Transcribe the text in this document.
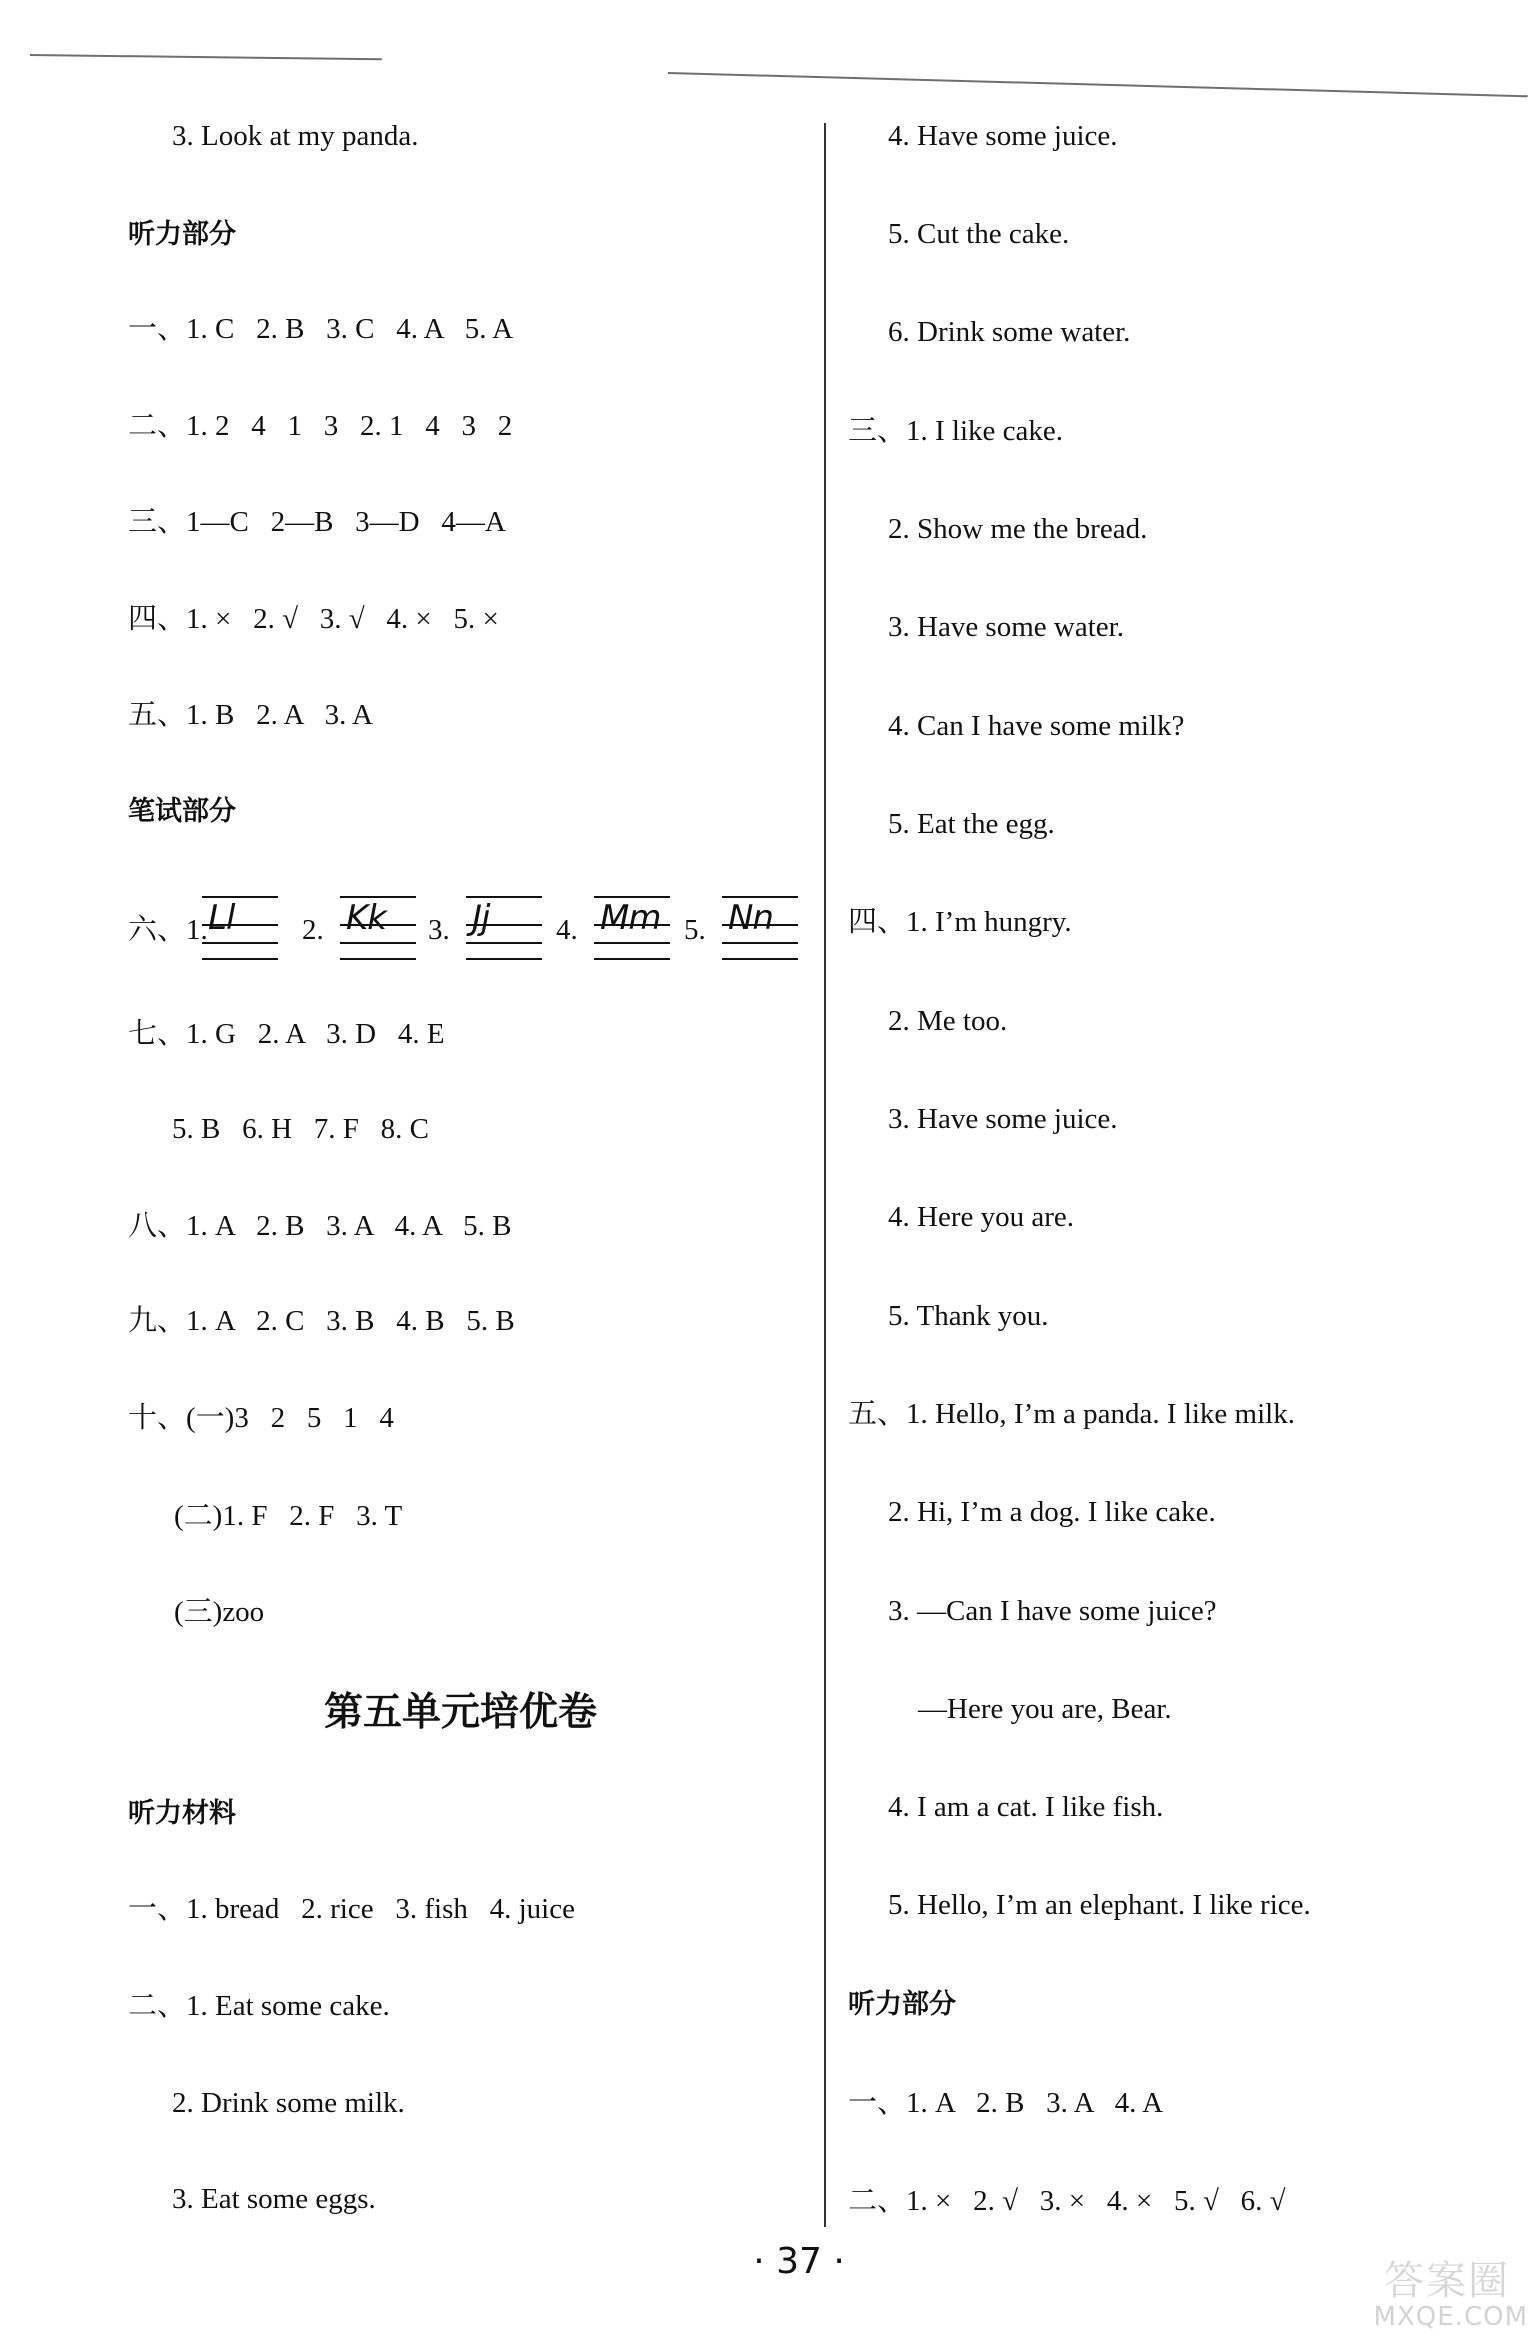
3. Look at my panda.
听力部分
一、1. C   2. B   3. C   4. A   5. A
二、1. 2   4   1   3   2. 1   4   3   2
三、1—C   2—B   3—D   4—A
四、1. ×   2. √   3. √   4. ×   5. ×
五、1. B   2. A   3. A
笔试部分
六、1. Ll 2. Kk 3. Jj 4. Mm 5. Nn
七、1. G   2. A   3. D   4. E
5. B   6. H   7. F   8. C
八、1. A   2. B   3. A   4. A   5. B
九、1. A   2. C   3. B   4. B   5. B
十、(一)3   2   5   1   4
(二)1. F   2. F   3. T
(三)zoo
第五单元培优卷
听力材料
一、1. bread   2. rice   3. fish   4. juice
二、1. Eat some cake.
2. Drink some milk.
3. Eat some eggs.
4. Have some juice.
5. Cut the cake.
6. Drink some water.
三、1. I like cake.
2. Show me the bread.
3. Have some water.
4. Can I have some milk?
5. Eat the egg.
四、1. I’m hungry.
2. Me too.
3. Have some juice.
4. Here you are.
5. Thank you.
五、1. Hello, I’m a panda. I like milk.
2. Hi, I’m a dog. I like cake.
3. —Can I have some juice?
—Here you are, Bear.
4. I am a cat. I like fish.
5. Hello, I’m an elephant. I like rice.
听力部分
一、1. A   2. B   3. A   4. A
二、1. ×   2. √   3. ×   4. ×   5. √   6. √
· 37 ·	答案圈
MXQE.COM
